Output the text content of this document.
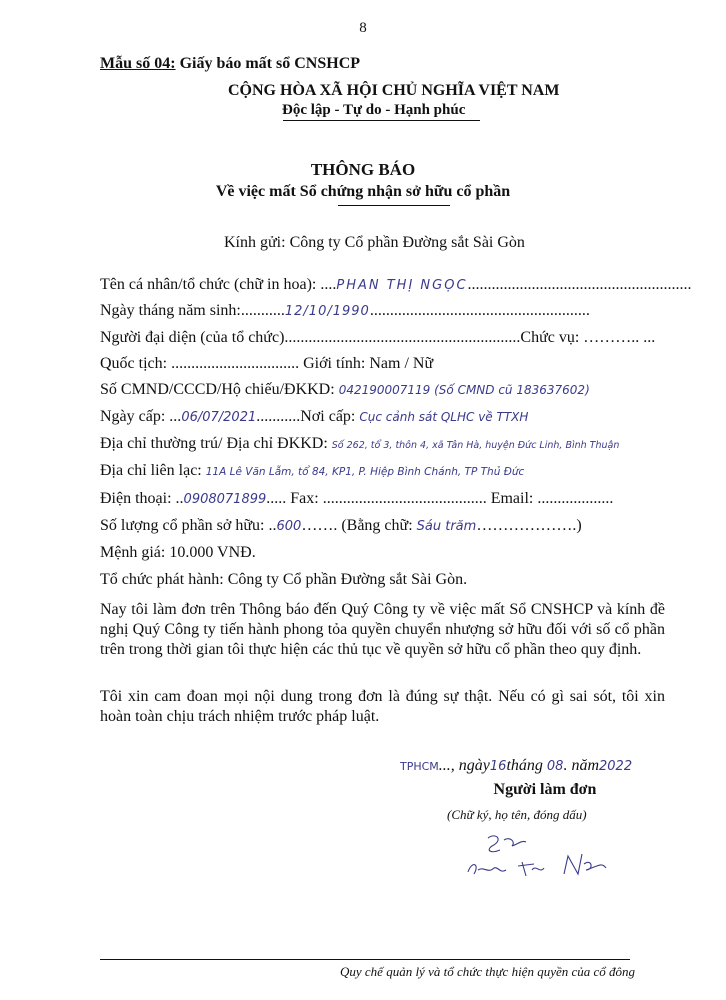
8
Mẫu số 04: Giấy báo mất sổ CNSHCP
CỘNG HÒA XÃ HỘI CHỦ NGHĨA VIỆT NAM
Độc lập - Tự do - Hạnh phúc
THÔNG BÁO
Về việc mất Sổ chứng nhận sở hữu cổ phần
Kính gửi: Công ty Cổ phần Đường sắt Sài Gòn
Tên cá nhân/tổ chức (chữ in hoa): ....PHAN THỊ NGỌC........................................................
Ngày tháng năm sinh:...........12/10/1990.......................................................
Người đại diện (của tổ chức)...........................................................Chức vụ: ……….. ...
Quốc tịch: ................................ Giới tính: Nam / Nữ
Số CMND/CCCD/Hộ chiếu/ĐKKD: 042190007119 (Số CMND cũ 183637602)
Ngày cấp: ...06/07/2021...........Nơi cấp: Cục cảnh sát QLHC về TTXH
Địa chỉ thường trú/ Địa chỉ ĐKKD: Số 262, tổ 3, thôn 4, xã Tân Hà, huyện Đức Linh, Bình Thuận
Địa chỉ liên lạc: 11A Lê Văn Lẫm, tổ 84, KP1, P. Hiệp Bình Chánh, TP Thủ Đức
Điện thoại: ..0908071899..... Fax: ......................................... Email: ...................
Số lượng cổ phần sở hữu: ..600……. (Bằng chữ: Sáu trăm……………….)
Mệnh giá: 10.000 VNĐ.
Tổ chức phát hành: Công ty Cổ phần Đường sắt Sài Gòn.
Nay tôi làm đơn trên Thông báo đến Quý Công ty về việc mất Sổ CNSHCP và kính đề nghị Quý Công ty tiến hành phong tỏa quyền chuyển nhượng sở hữu đối với số cổ phần trên trong thời gian tôi thực hiện các thủ tục về quyền sở hữu cổ phần theo quy định.
Tôi xin cam đoan mọi nội dung trong đơn là đúng sự thật. Nếu có gì sai sót, tôi xin hoàn toàn chịu trách nhiệm trước pháp luật.
TPHCM..., ngày16tháng 08. năm2022
Người làm đơn
(Chữ ký, họ tên, đóng dấu)
Quy chế quản lý và tổ chức thực hiện quyền của cổ đông
